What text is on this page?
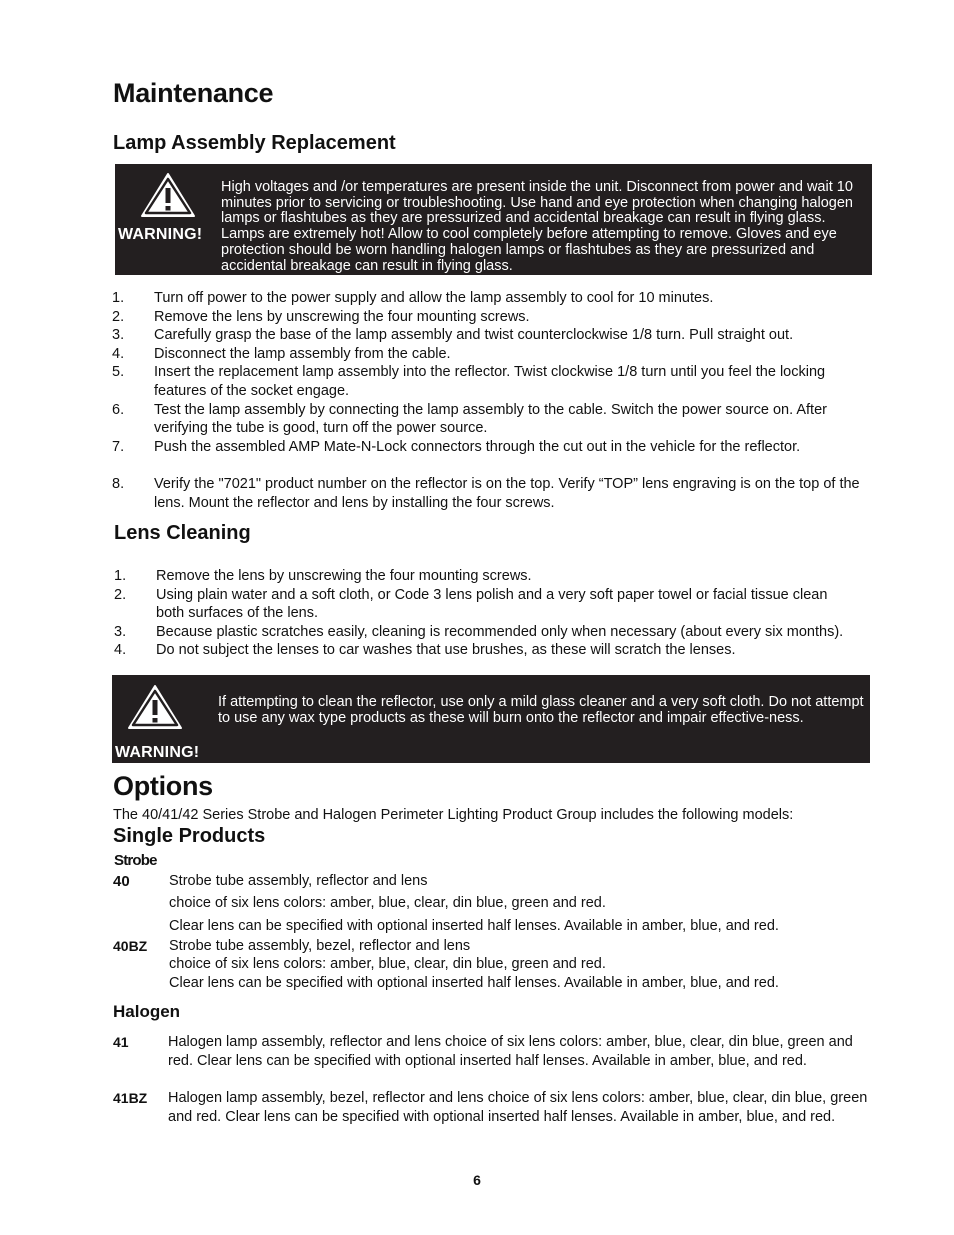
Maintenance
Lamp Assembly Replacement
WARNING!
High voltages and /or temperatures are present inside the unit. Disconnect from power and wait 10 minutes prior to servicing or troubleshooting. Use hand and eye protection when changing halogen lamps or flashtubes as they are pressurized and accidental breakage can result in flying glass. Lamps are extremely hot! Allow to cool completely before attempting to remove. Gloves and eye protection should be worn handling halogen lamps or flashtubes as they are pressurized and accidental breakage can result in flying glass.
1. Turn off power to the power supply and allow the lamp assembly to cool for 10 minutes.
2. Remove the lens by unscrewing the four mounting screws.
3. Carefully grasp the base of the lamp assembly and twist counterclockwise 1/8 turn. Pull straight out.
4. Disconnect the lamp assembly from the cable.
5. Insert the replacement lamp assembly into the reflector. Twist clockwise 1/8 turn until you feel the locking features of the socket engage.
6. Test the lamp assembly by connecting the lamp assembly to the cable. Switch the power source on. After verifying the tube is good, turn off the power source.
7. Push the assembled AMP Mate-N-Lock connectors through the cut out in the vehicle for the reflector.
8. Verify the "7021" product number on the reflector is on the top. Verify “TOP” lens engraving is on the top of the lens. Mount the reflector and lens by installing the four screws.
Lens Cleaning
1. Remove the lens by unscrewing the four mounting screws.
2. Using plain water and a soft cloth, or Code 3 lens polish and a very soft paper towel or facial tissue clean both surfaces of the lens.
3. Because plastic scratches easily, cleaning is recommended only when necessary (about every six months).
4. Do not subject the lenses to car washes that use brushes, as these will scratch the lenses.
WARNING!
If attempting to clean the reflector, use only a mild glass cleaner and a very soft cloth. Do not attempt to use any wax type products as these will burn onto the reflector and impair effective-ness.
Options
The 40/41/42 Series Strobe and Halogen Perimeter Lighting Product Group includes the following models:
Single Products
Strobe
40	Strobe tube assembly, reflector and lens
choice of six lens colors: amber, blue, clear, din blue, green and red.
Clear lens can be specified with optional inserted half lenses. Available in amber, blue, and red.
40BZ Strobe tube assembly, bezel, reflector and lens
choice of six lens colors: amber, blue, clear, din blue, green and red.
Clear lens can be specified with optional inserted half lenses. Available in amber, blue, and red.
Halogen
41	Halogen lamp assembly, reflector and lens choice of six lens colors: amber, blue, clear, din blue, green and red. Clear lens can be specified with optional inserted half lenses. Available in amber, blue, and red.
41BZ Halogen lamp assembly, bezel, reflector and lens choice of six lens colors: amber, blue, clear, din blue, green and red. Clear lens can be specified with optional inserted half lenses. Available in amber, blue, and red.
6
